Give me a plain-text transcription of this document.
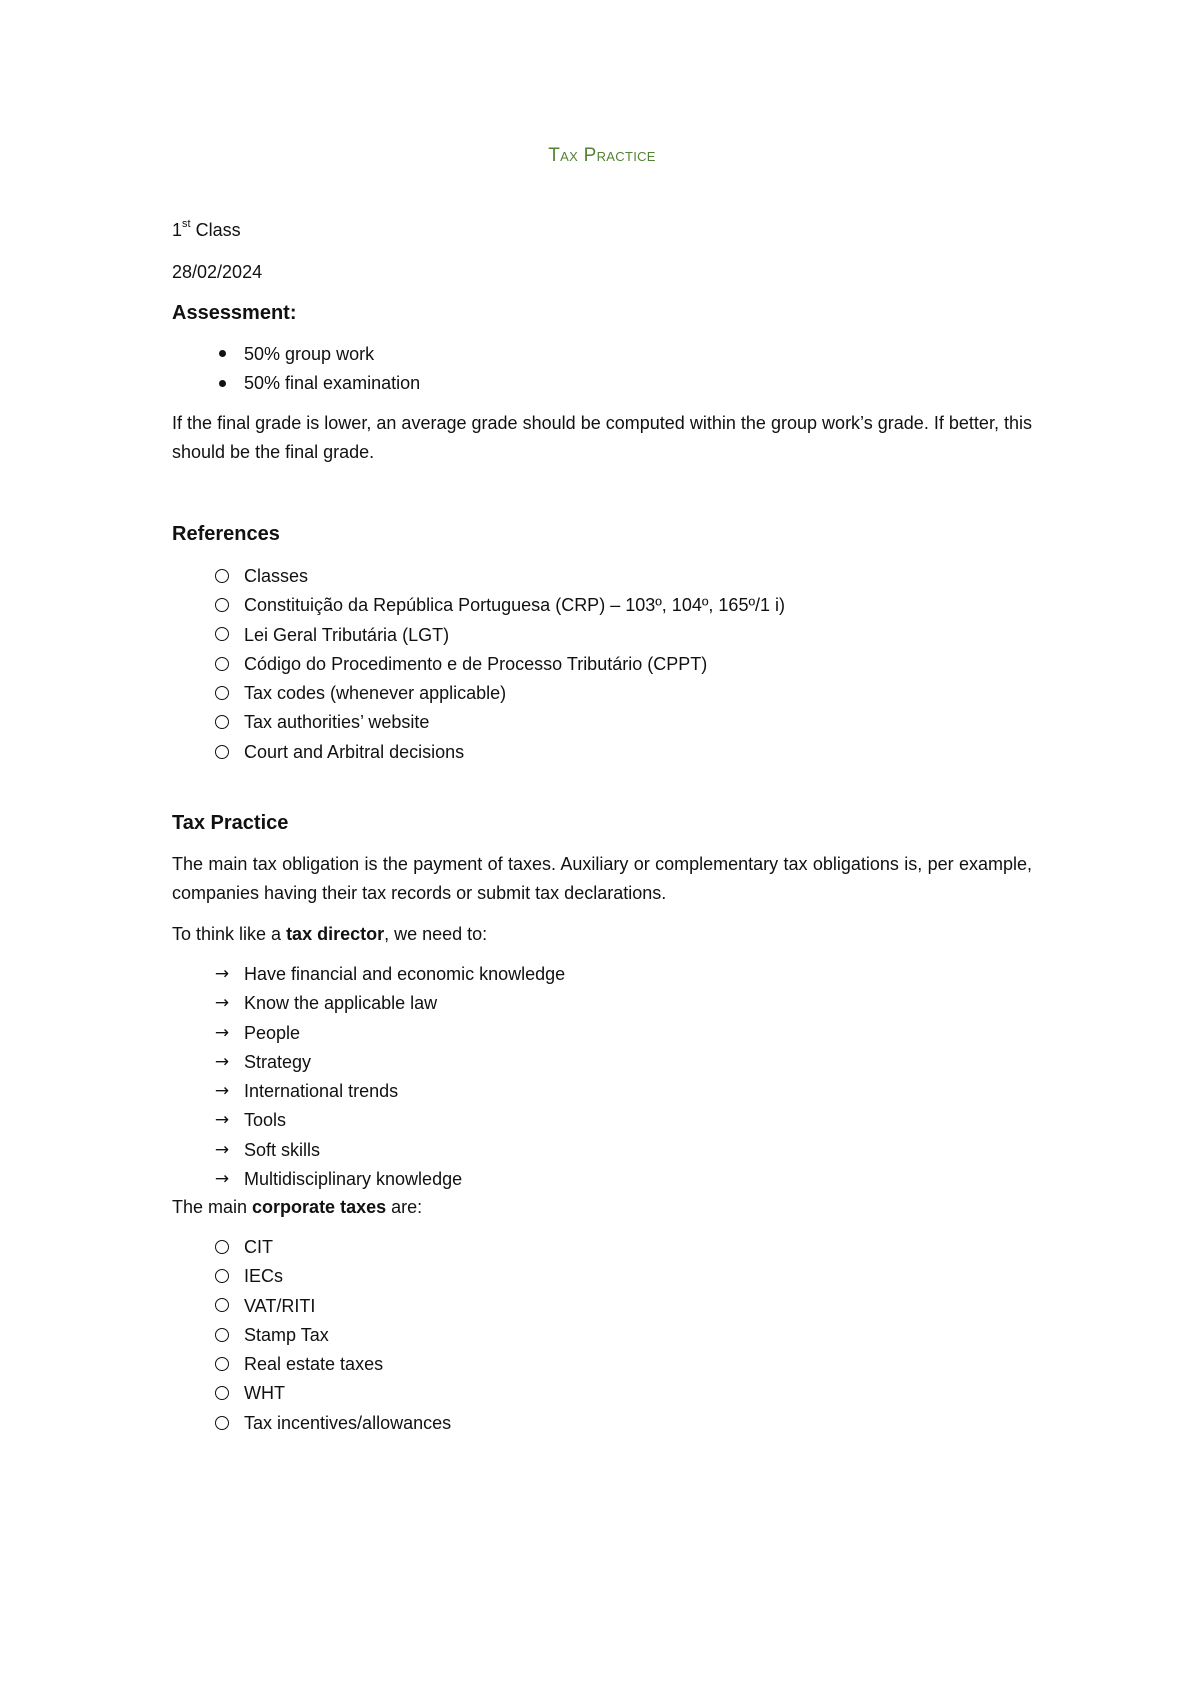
Tax Practice
1st Class
28/02/2024
Assessment:
50% group work
50% final examination
If the final grade is lower, an average grade should be computed within the group work’s grade. If better, this should be the final grade.
References
Classes
Constituição da República Portuguesa (CRP) – 103º, 104º, 165º/1 i)
Lei Geral Tributária (LGT)
Código do Procedimento e de Processo Tributário (CPPT)
Tax codes (whenever applicable)
Tax authorities’ website
Court and Arbitral decisions
Tax Practice
The main tax obligation is the payment of taxes. Auxiliary or complementary tax obligations is, per example, companies having their tax records or submit tax declarations.
To think like a tax director, we need to:
→ Have financial and economic knowledge
→ Know the applicable law
→ People
→ Strategy
→ International trends
→ Tools
→ Soft skills
→ Multidisciplinary knowledge
The main corporate taxes are:
CIT
IECs
VAT/RITI
Stamp Tax
Real estate taxes
WHT
Tax incentives/allowances
